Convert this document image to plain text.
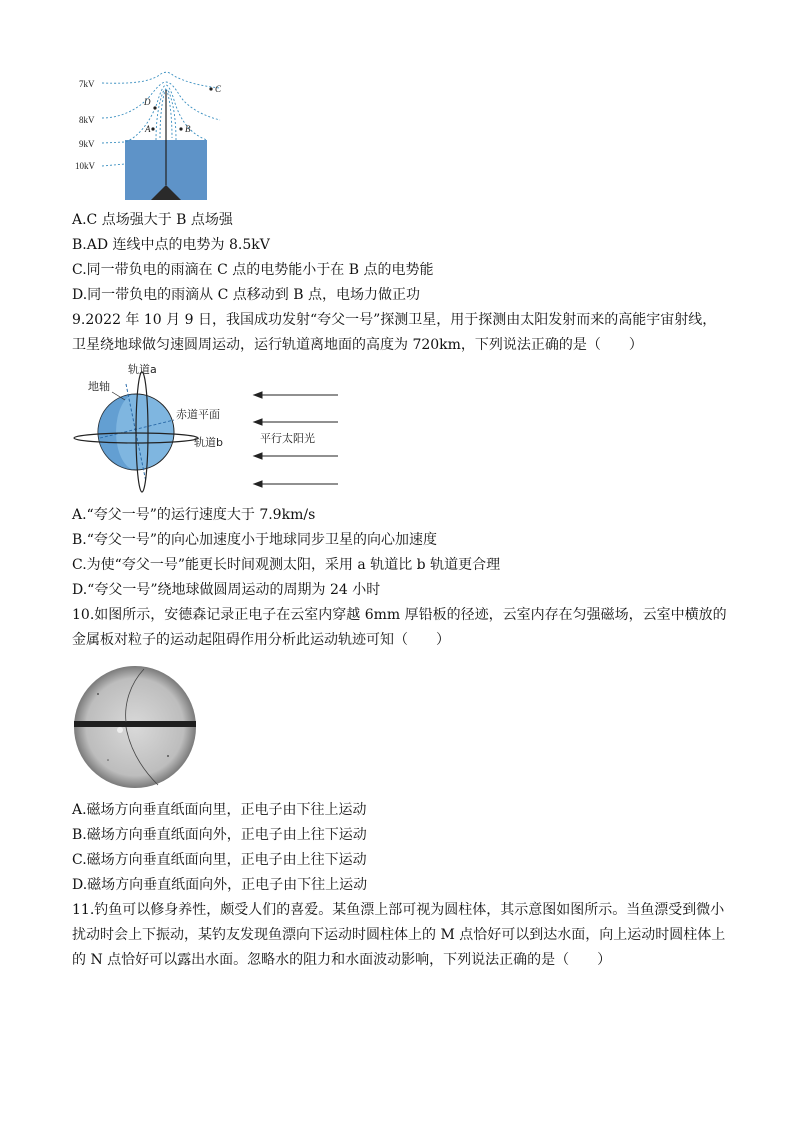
C
D
A	B
7kV
8kV
9kV
10kV
A.C 点场强大于 B 点场强
B.AD 连线中点的电势为 8.5kV
C.同一带负电的雨滴在 C 点的电势能小于在 B 点的电势能
D.同一带负电的雨滴从 C 点移动到 B 点，电场力做正功
9.2022 年 10 月 9 日，我国成功发射“夸父一号”探测卫星，用于探测由太阳发射而来的高能宇宙射线，
卫星绕地球做匀速圆周运动，运行轨道离地面的高度为 720km，下列说法正确的是（　　）
地轴
轨道a
赤道平面
轨道b	平行太阳光
A.“夸父一号”的运行速度大于 7.9km/s
B.“夸父一号”的向心加速度小于地球同步卫星的向心加速度
C.为使“夸父一号”能更长时间观测太阳，采用 a 轨道比 b 轨道更合理
D.“夸父一号”绕地球做圆周运动的周期为 24 小时
10.如图所示，安德森记录正电子在云室内穿越 6mm 厚铅板的径迹，云室内存在匀强磁场，云室中横放的
金属板对粒子的运动起阻碍作用分析此运动轨迹可知（　　）
A.磁场方向垂直纸面向里，正电子由下往上运动
B.磁场方向垂直纸面向外，正电子由上往下运动
C.磁场方向垂直纸面向里，正电子由上往下运动
D.磁场方向垂直纸面向外，正电子由下往上运动
11.钓鱼可以修身养性，颇受人们的喜爱。某鱼漂上部可视为圆柱体，其示意图如图所示。当鱼漂受到微小
扰动时会上下振动，某钓友发现鱼漂向下运动时圆柱体上的 M 点恰好可以到达水面，向上运动时圆柱体上
的 N 点恰好可以露出水面。忽略水的阻力和水面波动影响，下列说法正确的是（　　）
